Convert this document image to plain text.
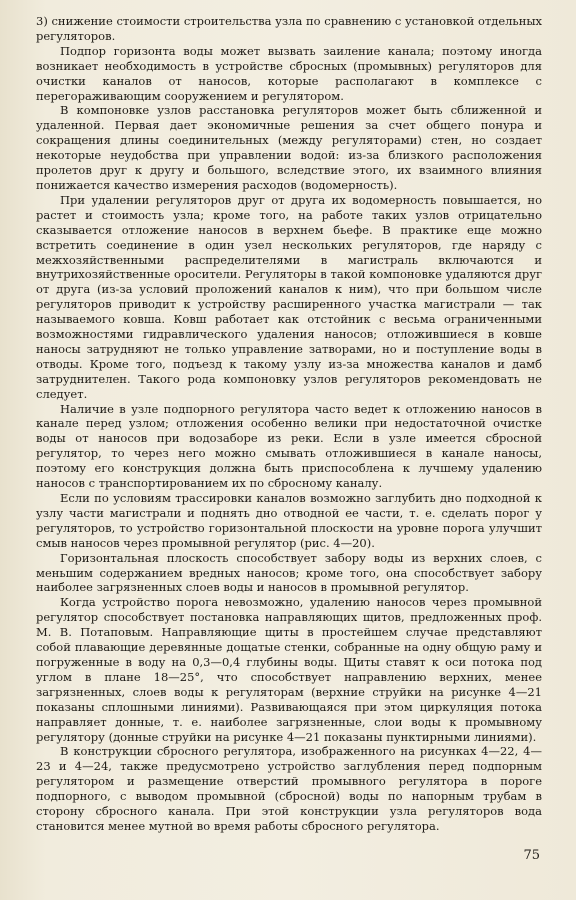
3) снижение стоимости строительства узла по сравнению с установкой отдельных регуляторов.

Подпор горизонта воды может вызвать заиление канала; поэтому иногда возникает необходимость в устройстве сбросных (промывных) регуляторов для очистки каналов от наносов, которые располагают в комплексе с перегораживающим сооружением и регулятором.

В компоновке узлов расстановка регуляторов может быть сближенной и удаленной. Первая дает экономичные решения за счет общего понура и сокращения длины соединительных (между регуляторами) стен, но создает некоторые неудобства при управлении водой: из-за близкого расположения пролетов друг к другу и большого, вследствие этого, их взаимного влияния понижается качество измерения расходов (водомерность).

При удалении регуляторов друг от друга их водомерность повышается, но растет и стоимость узла; кроме того, на работе таких узлов отрицательно сказывается отложение наносов в верхнем бьефе. В практике еще можно встретить соединение в один узел нескольких регуляторов, где наряду с межхозяйственными распределителями в магистраль включаются и внутрихозяйственные оросители. Регуляторы в такой компоновке удаляются друг от друга (из-за условий проложений каналов к ним), что при большом числе регуляторов приводит к устройству расширенного участка магистрали — так называемого ковша. Ковш работает как отстойник с весьма ограниченными возможностями гидравлического удаления наносов; отложившиеся в ковше наносы затрудняют не только управление затворами, но и поступление воды в отводы. Кроме того, подъезд к такому узлу из-за множества каналов и дамб затруднителен. Такого рода компоновку узлов регуляторов рекомендовать не следует.

Наличие в узле подпорного регулятора часто ведет к отложению наносов в канале перед узлом; отложения особенно велики при недостаточной очистке воды от наносов при водозаборе из реки. Если в узле имеется сбросной регулятор, то через него можно смывать отложившиеся в канале наносы, поэтому его конструкция должна быть приспособлена к лучшему удалению наносов с транспортированием их по сбросному каналу.

Если по условиям трассировки каналов возможно заглубить дно подходной к узлу части магистрали и поднять дно отводной ее части, т. е. сделать порог у регуляторов, то устройство горизонтальной плоскости на уровне порога улучшит смыв наносов через промывной регулятор (рис. 4—20).

Горизонтальная плоскость способствует забору воды из верхних слоев, с меньшим содержанием вредных наносов; кроме того, она способствует забору наиболее загрязненных слоев воды и наносов в промывной регулятор.

Когда устройство порога невозможно, удалению наносов через промывной регулятор способствует постановка направляющих щитов, предложенных проф. М. В. Потаповым. Направляющие щиты в простейшем случае представляют собой плавающие деревянные дощатые стенки, собранные на одну общую раму и погруженные в воду на 0,3—0,4 глубины воды. Щиты ставят к оси потока под углом в плане 18—25°, что способствует направлению верхних, менее загрязненных, слоев воды к регуляторам (верхние струйки на рисунке 4—21 показаны сплошными линиями). Развивающаяся при этом циркуляция потока направляет донные, т. е. наиболее загрязненные, слои воды к промывному регулятору (донные струйки на рисунке 4—21 показаны пунктирными линиями).

В конструкции сбросного регулятора, изображенного на рисунках 4—22, 4—23 и 4—24, также предусмотрено устройство заглубления перед подпорным регулятором и размещение отверстий промывного регулятора в пороге подпорного, с выводом промывной (сбросной) воды по напорным трубам в сторону сбросного канала. При этой конструкции узла регуляторов вода становится менее мутной во время работы сбросного регулятора.

75
